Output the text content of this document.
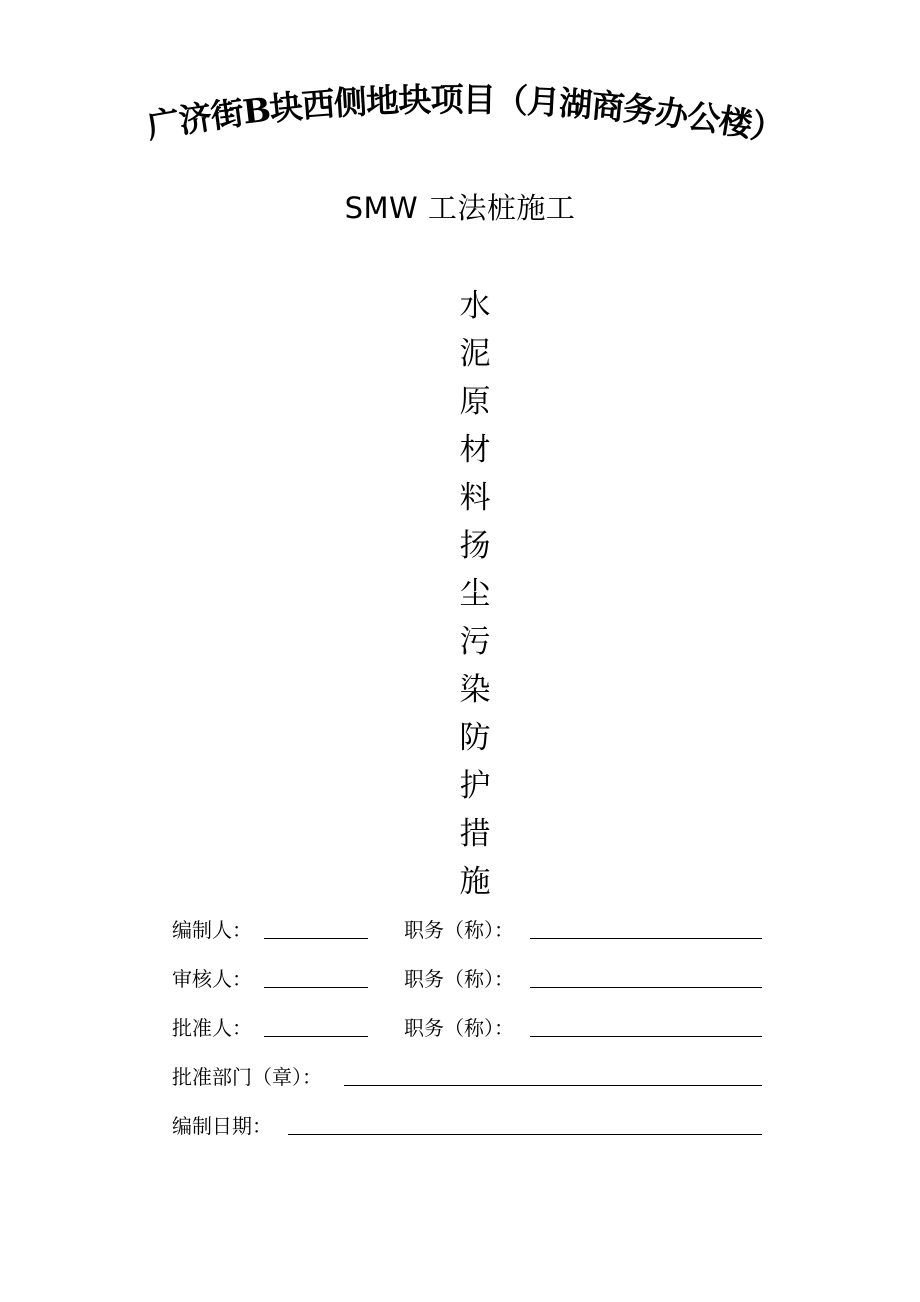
广济街B块西侧地块项目（月湖商务办公楼）
SMW 工法桩施工
水
泥
原
材
料
扬
尘
污
染
防
护
措
施
编制人：	职务（称）：
审核人：	职务（称）：
批准人：	职务（称）：
批准部门（章）：
编制日期：
